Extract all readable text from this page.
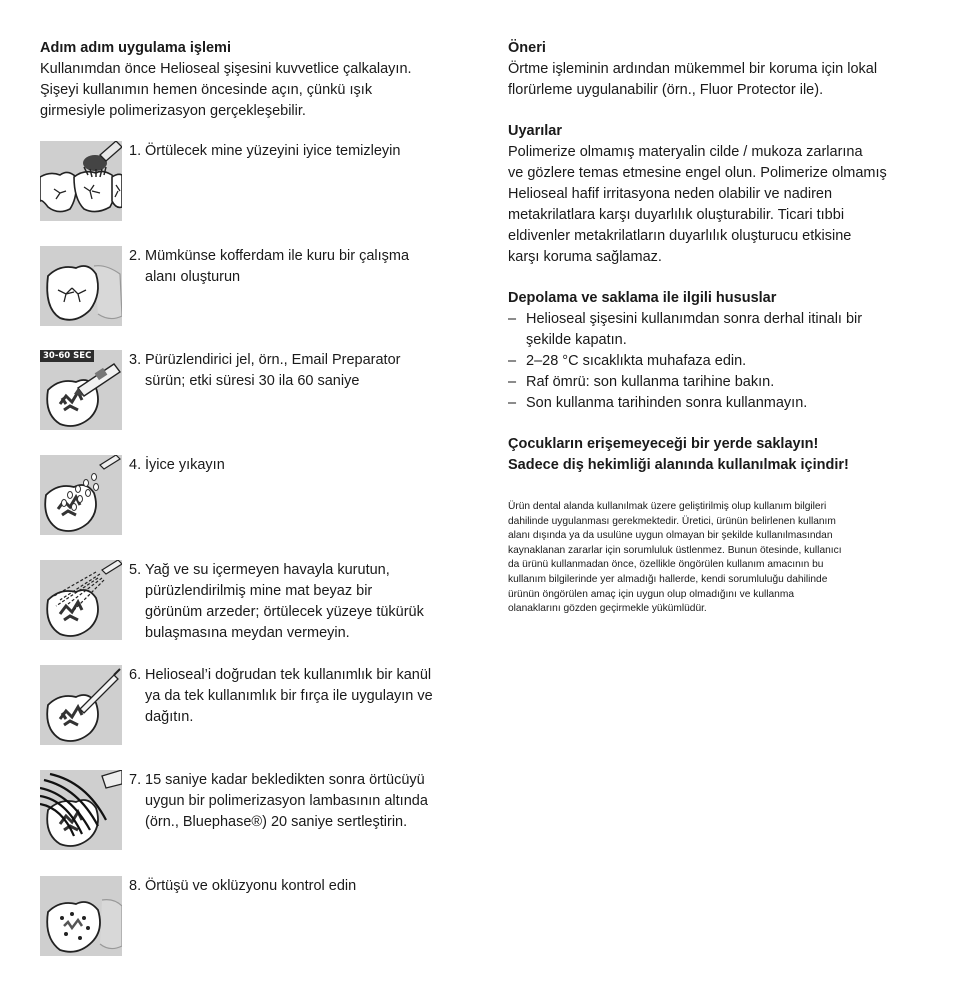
Adım adım uygulama işlemi

Kullanımdan önce Helioseal şişesini kuvvetlice çalkalayın.

Şişeyi kullanımın hemen öncesinde açın, çünkü ışık

girmesiyle polimerizasyon gerçekleşebilir.

1. Örtülecek mine yüzeyini iyice temizleyin
2. Mümkünse kofferdam ile kuru bir çalışma
alanı oluşturun
30-60 SEC	3. Pürüzlendirici jel, örn., Email Preparator
sürün; etki süresi 30 ila 60 saniye
4. İyice yıkayın
5. Yağ ve su içermeyen havayla kurutun,
pürüzlendirilmiş mine mat beyaz bir
görünüm arzeder; örtülecek yüzeye tükürük
bulaşmasına meydan vermeyin.
6. Helioseal’i doğrudan tek kullanımlık bir kanül
ya da tek kullanımlık bir fırça ile uygulayın ve
dağıtın.
7. 15 saniye kadar bekledikten sonra örtücüyü
uygun bir polimerizasyon lambasının altında
(örn., Bluephase®) 20 saniye sertleştirin.
8. Örtüşü ve oklüzyonu kontrol edin

Öneri

Örtme işleminin ardından mükemmel bir koruma için lokal

florürleme uygulanabilir (örn., Fluor Protector ile).

Uyarılar

Polimerize olmamış materyalin cilde / mukoza zarlarına

ve gözlere temas etmesine engel olun. Polimerize olmamış

Helioseal hafif irritasyona neden olabilir ve nadiren

metakrilatlara karşı duyarlılık oluşturabilir. Ticari tıbbi

eldivenler metakrilatların duyarlılık oluşturucu etkisine

karşı koruma sağlamaz.

Depolama ve saklama ile ilgili hususlar

– Helioseal şişesini kullanımdan sonra derhal itinalı bir
şekilde kapatın.
– 2–28 °C sıcaklıkta muhafaza edin.
– Raf ömrü: son kullanma tarihine bakın.
– Son kullanma tarihinden sonra kullanmayın.

Çocukların erişemeyeceği bir yerde saklayın!

Sadece diş hekimliği alanında kullanılmak içindir!

Ürün dental alanda kullanılmak üzere geliştirilmiş olup kullanım bilgileri

dahilinde uygulanması gerekmektedir. Üretici, ürünün belirlenen kullanım

alanı dışında ya da usulüne uygun olmayan bir şekilde kullanılmasından

kaynaklanan zararlar için sorumluluk üstlenmez. Bunun ötesinde, kullanıcı

da ürünü kullanmadan önce, özellikle öngörülen kullanım amacının bu

kullanım bilgilerinde yer almadığı hallerde, kendi sorumluluğu dahilinde

ürünün öngörülen amaç için uygun olup olmadığını ve kullanma

olanaklarını gözden geçirmekle yükümlüdür.
